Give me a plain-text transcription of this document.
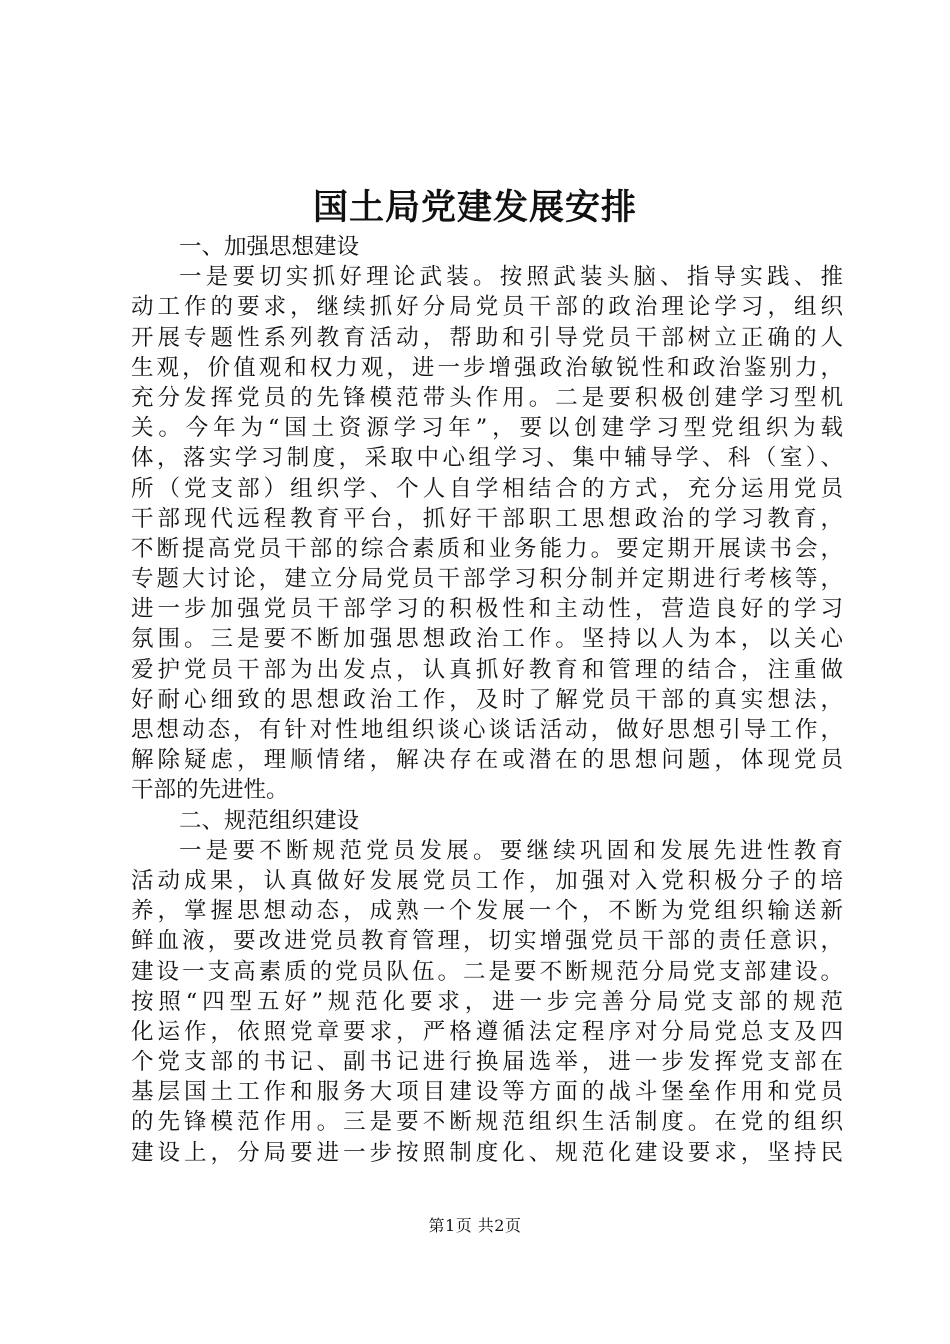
国土局党建发展安排
一、加强思想建设
一是要切实抓好理论武装。按照武装头脑、指导实践、推
动工作的要求，继续抓好分局党员干部的政治理论学习，组织
开展专题性系列教育活动，帮助和引导党员干部树立正确的人
生观，价值观和权力观，进一步增强政治敏锐性和政治鉴别力，
充分发挥党员的先锋模范带头作用。二是要积极创建学习型机
关。今年为“国土资源学习年”，要以创建学习型党组织为载
体，落实学习制度，采取中心组学习、集中辅导学、科（室）、
所（党支部）组织学、个人自学相结合的方式，充分运用党员
干部现代远程教育平台，抓好干部职工思想政治的学习教育，
不断提高党员干部的综合素质和业务能力。要定期开展读书会，
专题大讨论，建立分局党员干部学习积分制并定期进行考核等，
进一步加强党员干部学习的积极性和主动性，营造良好的学习
氛围。三是要不断加强思想政治工作。坚持以人为本，以关心
爱护党员干部为出发点，认真抓好教育和管理的结合，注重做
好耐心细致的思想政治工作，及时了解党员干部的真实想法，
思想动态，有针对性地组织谈心谈话活动，做好思想引导工作，
解除疑虑，理顺情绪，解决存在或潜在的思想问题，体现党员
干部的先进性。
二、规范组织建设
一是要不断规范党员发展。要继续巩固和发展先进性教育
活动成果，认真做好发展党员工作，加强对入党积极分子的培
养，掌握思想动态，成熟一个发展一个，不断为党组织输送新
鲜血液，要改进党员教育管理，切实增强党员干部的责任意识，
建设一支高素质的党员队伍。二是要不断规范分局党支部建设。
按照“四型五好”规范化要求，进一步完善分局党支部的规范
化运作，依照党章要求，严格遵循法定程序对分局党总支及四
个党支部的书记、副书记进行换届选举，进一步发挥党支部在
基层国土工作和服务大项目建设等方面的战斗堡垒作用和党员
的先锋模范作用。三是要不断规范组织生活制度。在党的组织
建设上，分局要进一步按照制度化、规范化建设要求，坚持民
第1页 共2页
